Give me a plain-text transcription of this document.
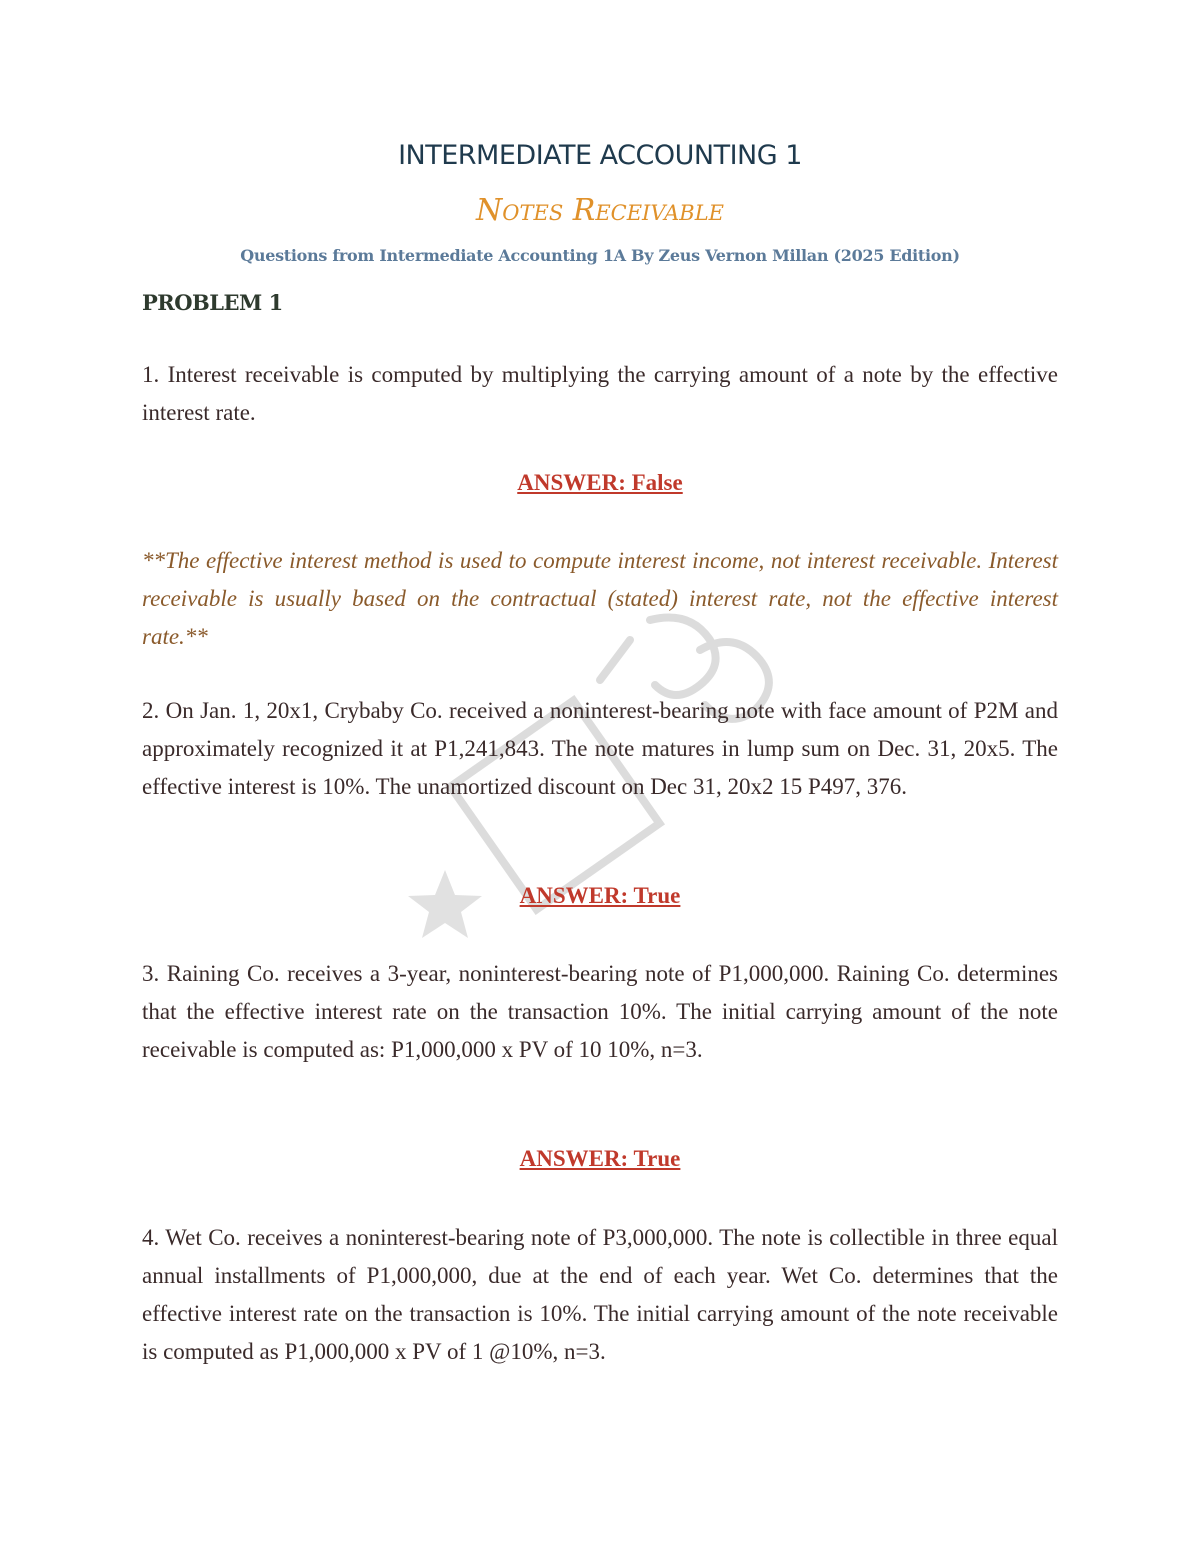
INTERMEDIATE ACCOUNTING 1
Notes Receivable
Questions from Intermediate Accounting 1A By Zeus Vernon Millan (2025 Edition)
PROBLEM 1
1. Interest receivable is computed by multiplying the carrying amount of a note by the effective interest rate.
ANSWER: False
**The effective interest method is used to compute interest income, not interest receivable. Interest receivable is usually based on the contractual (stated) interest rate, not the effective interest rate.**
2. On Jan. 1, 20x1, Crybaby Co. received a noninterest-bearing note with face amount of P2M and approximately recognized it at P1,241,843. The note matures in lump sum on Dec. 31, 20x5. The effective interest is 10%. The unamortized discount on Dec 31, 20x2 15 P497, 376.
ANSWER: True
3. Raining Co. receives a 3-year, noninterest-bearing note of P1,000,000. Raining Co. determines that the effective interest rate on the transaction 10%. The initial carrying amount of the note receivable is computed as: P1,000,000 x PV of 10 10%, n=3.
ANSWER: True
4. Wet Co. receives a noninterest-bearing note of P3,000,000. The note is collectible in three equal annual installments of P1,000,000, due at the end of each year. Wet Co. determines that the effective interest rate on the transaction is 10%. The initial carrying amount of the note receivable is computed as P1,000,000 x PV of 1 @10%, n=3.
